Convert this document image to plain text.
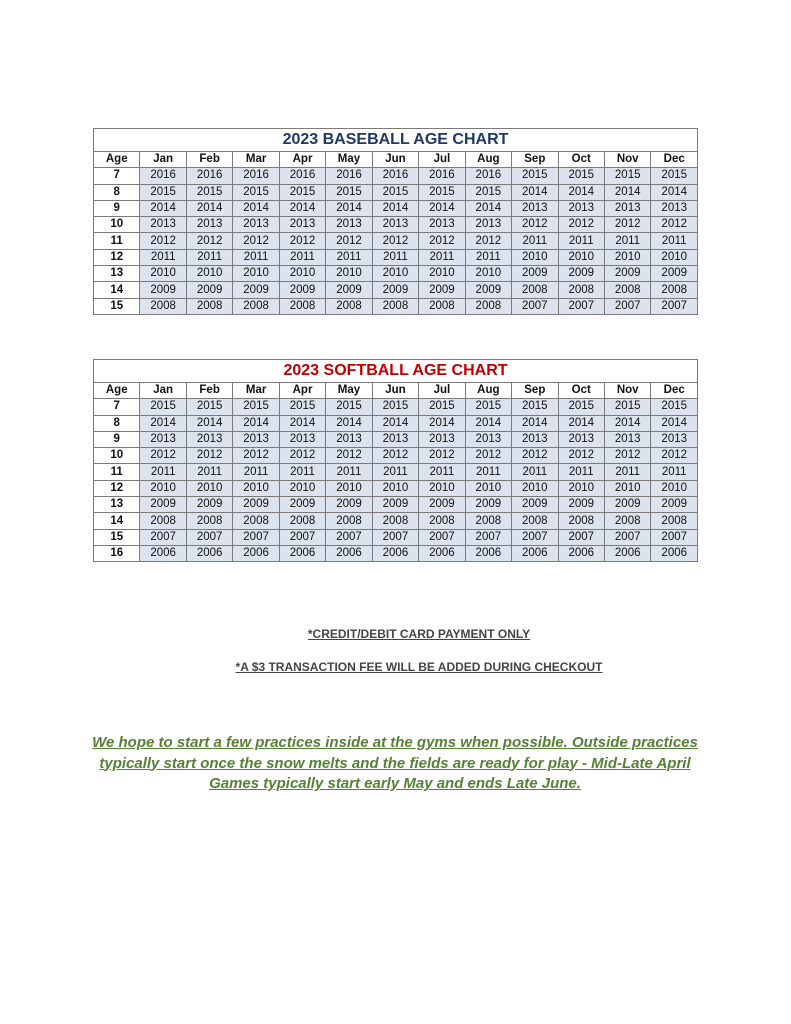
2023 BASEBALL AGE CHART												
Age	Jan	Feb	Mar	Apr	May	Jun	Jul	Aug	Sep	Oct	Nov	Dec
7	2016	2016	2016	2016	2016	2016	2016	2016	2015	2015	2015	2015
8	2015	2015	2015	2015	2015	2015	2015	2015	2014	2014	2014	2014
9	2014	2014	2014	2014	2014	2014	2014	2014	2013	2013	2013	2013
10	2013	2013	2013	2013	2013	2013	2013	2013	2012	2012	2012	2012
11	2012	2012	2012	2012	2012	2012	2012	2012	2011	2011	2011	2011
12	2011	2011	2011	2011	2011	2011	2011	2011	2010	2010	2010	2010
13	2010	2010	2010	2010	2010	2010	2010	2010	2009	2009	2009	2009
14	2009	2009	2009	2009	2009	2009	2009	2009	2008	2008	2008	2008
15	2008	2008	2008	2008	2008	2008	2008	2008	2007	2007	2007	2007
2023 SOFTBALL AGE CHART												
Age	Jan	Feb	Mar	Apr	May	Jun	Jul	Aug	Sep	Oct	Nov	Dec
7	2015	2015	2015	2015	2015	2015	2015	2015	2015	2015	2015	2015
8	2014	2014	2014	2014	2014	2014	2014	2014	2014	2014	2014	2014
9	2013	2013	2013	2013	2013	2013	2013	2013	2013	2013	2013	2013
10	2012	2012	2012	2012	2012	2012	2012	2012	2012	2012	2012	2012
11	2011	2011	2011	2011	2011	2011	2011	2011	2011	2011	2011	2011
12	2010	2010	2010	2010	2010	2010	2010	2010	2010	2010	2010	2010
13	2009	2009	2009	2009	2009	2009	2009	2009	2009	2009	2009	2009
14	2008	2008	2008	2008	2008	2008	2008	2008	2008	2008	2008	2008
15	2007	2007	2007	2007	2007	2007	2007	2007	2007	2007	2007	2007
16	2006	2006	2006	2006	2006	2006	2006	2006	2006	2006	2006	2006
*CREDIT/DEBIT CARD PAYMENT ONLY
*A $3 TRANSACTION FEE WILL BE ADDED DURING CHECKOUT
We hope to start a few practices inside at the gyms when possible. Outside practices
typically start once the snow melts and the fields are ready for play - Mid-Late April
Games typically start early May and ends Late June.
